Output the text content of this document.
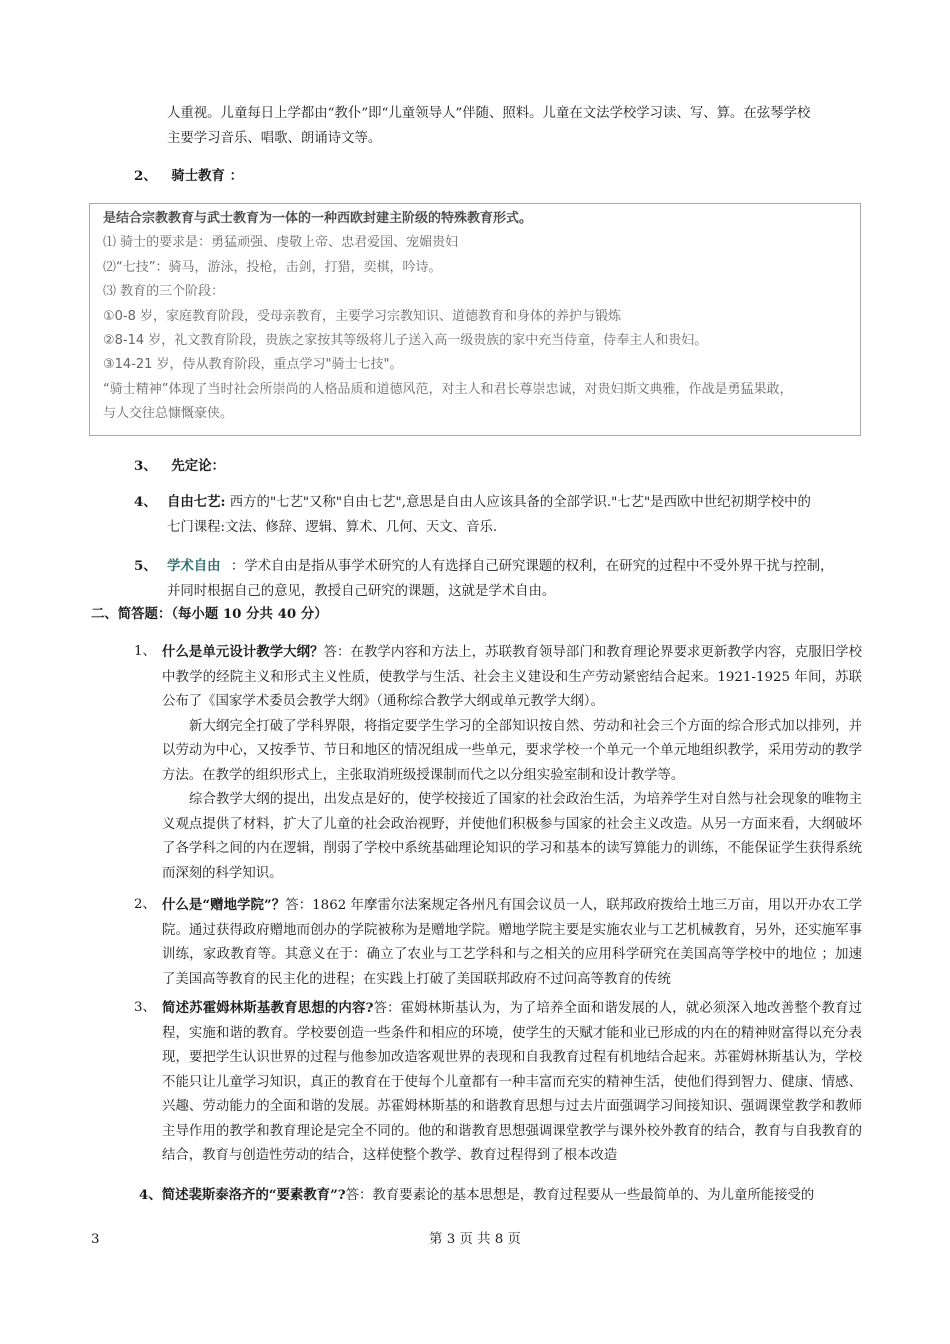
人重视。儿童每日上学都由“教仆”即“儿童领导人”伴随、照料。儿童在文法学校学习读、写、算。在弦琴学校

主要学习音乐、唱歌、朗诵诗文等。

2、 骑士教育 ：
是结合宗教教育与武士教育为一体的一种西欧封建主阶级的特殊教育形式。
⑴ 骑士的要求是：勇猛顽强、虔敬上帝、忠君爱国、宠媚贵妇
⑵“七技”：骑马，游泳，投枪，击剑，打猎，奕棋，吟诗。
⑶ 教育的三个阶段：
①0-8 岁，家庭教育阶段，受母亲教育，主要学习宗教知识、道德教育和身体的养护与锻炼
②8-14 岁，礼文教育阶段，贵族之家按其等级将儿子送入高一级贵族的家中充当侍童，侍奉主人和贵妇。
③14-21 岁，侍从教育阶段，重点学习"骑士七技"。
“骑士精神”体现了当时社会所崇尚的人格品质和道德风范，对主人和君长尊崇忠诚，对贵妇斯文典雅，作战是勇猛果敢，
与人交往总慷慨豪侠。
3、 先定论：
4、 自由七艺: 西方的"七艺"又称"自由七艺",意思是自由人应该具备的全部学识."七艺"是西欧中世纪初期学校中的

七门课程:文法、修辞、逻辑、算术、几何、天文、音乐.

5、 学术自由 ：学术自由是指从事学术研究的人有选择自己研究课题的权利，在研究的过程中不受外界干扰与控制，

并同时根据自己的意见，教授自己研究的课题，这就是学术自由。

二、简答题：（每小题 10 分共 40 分）
1、 什么是单元设计教学大纲？答：在教学内容和方法上，苏联教育领导部门和教育理论界要求更新教学内容，克服旧学校中教学的经院主义和形式主义性质，使教学与生活、社会主义建设和生产劳动紧密结合起来。1921-1925 年间，苏联公布了《国家学术委员会教学大纲》（通称综合教学大纲或单元教学大纲）。

新大纲完全打破了学科界限，将指定要学生学习的全部知识按自然、劳动和社会三个方面的综合形式加以排列，并以劳动为中心，又按季节、节日和地区的情况组成一些单元，要求学校一个单元一个单元地组织教学，采用劳动的教学方法。在教学的组织形式上，主张取消班级授课制而代之以分组实验室制和设计教学等。

综合教学大纲的提出，出发点是好的，使学校接近了国家的社会政治生活，为培养学生对自然与社会现象的唯物主义观点提供了材料，扩大了儿童的社会政治视野，并使他们积极参与国家的社会主义改造。从另一方面来看，大纲破坏了各学科之间的内在逻辑，削弱了学校中系统基础理论知识的学习和基本的读写算能力的训练，不能保证学生获得系统而深刻的科学知识。

2、 什么是“赠地学院”？答：1862 年摩雷尔法案规定各州凡有国会议员一人，联邦政府拨给土地三万亩，用以开办农工学院。通过获得政府赠地而创办的学院被称为是赠地学院。赠地学院主要是实施农业与工艺机械教育，另外，还实施军事训练，家政教育等。其意义在于：确立了农业与工艺学科和与之相关的应用科学研究在美国高等学校中的地位 ；加速了美国高等教育的民主化的进程；在实践上打破了美国联邦政府不过问高等教育的传统

3、 简述苏霍姆林斯基教育思想的内容?答：霍姆林斯基认为，为了培养全面和谐发展的人，就必须深入地改善整个教育过程，实施和谐的教育。学校要创造一些条件和相应的环境，使学生的天赋才能和业已形成的内在的精神财富得以充分表现，要把学生认识世界的过程与他参加改造客观世界的表现和自我教育过程有机地结合起来。苏霍姆林斯基认为，学校不能只让儿童学习知识，真正的教育在于使每个儿童都有一种丰富而充实的精神生活，使他们得到智力、健康、情感、兴趣、劳动能力的全面和谐的发展。苏霍姆林斯基的和谐教育思想与过去片面强调学习间接知识、强调课堂教学和教师主导作用的教学和教育理论是完全不同的。他的和谐教育思想强调课堂教学与课外校外教育的结合，教育与自我教育的结合，教育与创造性劳动的结合，这样使整个教学、教育过程得到了根本改造

4、简述裴斯泰洛齐的“要素教育”?答：教育要素论的基本思想是，教育过程要从一些最简单的、为儿童所能接受的
3	第 3 页 共 8 页
